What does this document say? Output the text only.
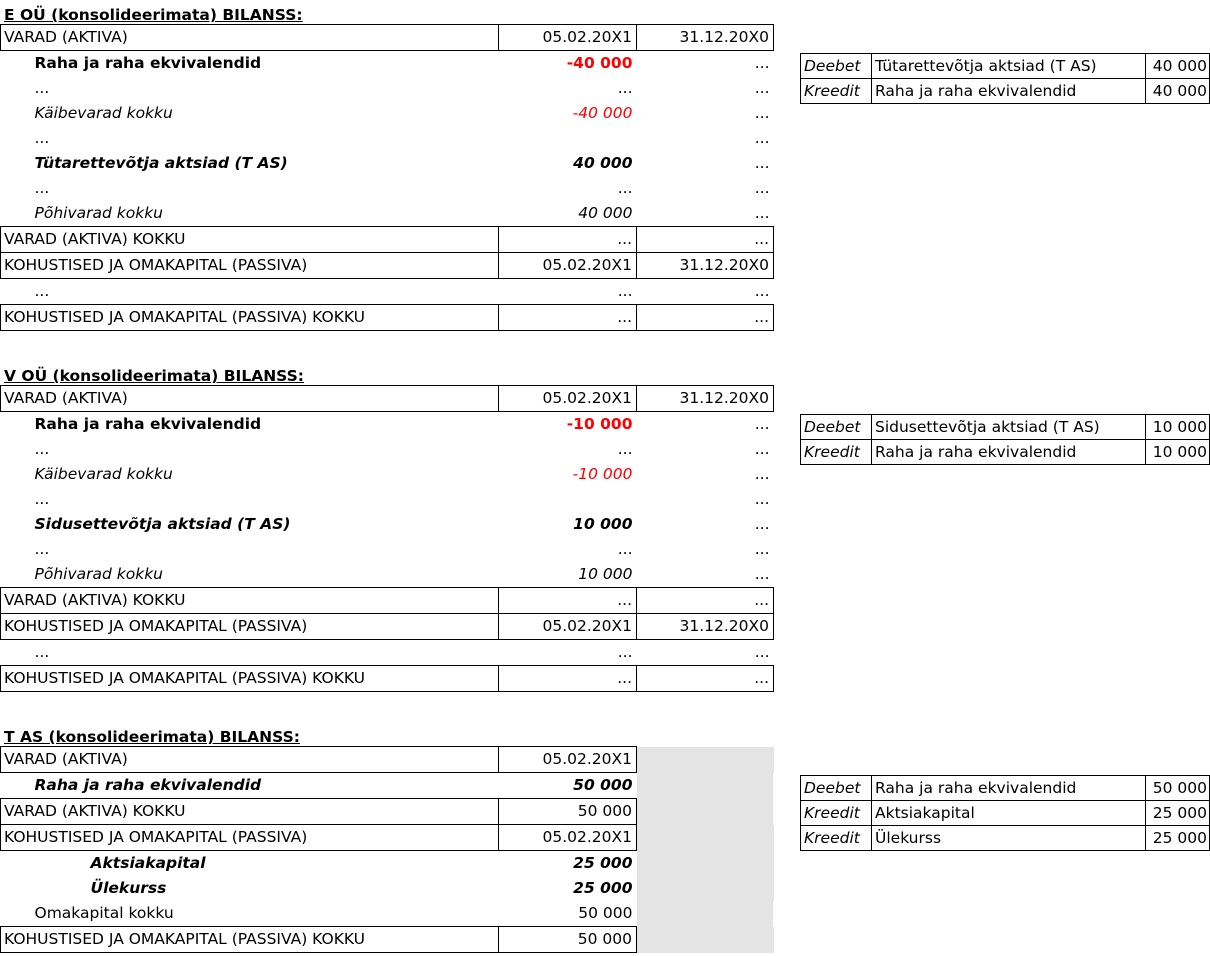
E OÜ (konsolideerimata) BILANSS:
VARAD (AKTIVA)	05.02.20X1	31.12.20X0
Raha ja raha ekvivalendid	-40 000	...
...	...	...
Käibevarad kokku	-40 000	...
...		...
Tütarettevõtja aktsiad (T AS)	40 000	...
...	...	...
Põhivarad kokku	40 000	...
VARAD (AKTIVA) KOKKU	...	...
KOHUSTISED JA OMAKAPITAL (PASSIVA)	05.02.20X1	31.12.20X0
...	...	...
KOHUSTISED JA OMAKAPITAL (PASSIVA) KOKKU	...	...
Deebet	Tütarettevõtja aktsiad (T AS)	40 000
Kreedit	Raha ja raha ekvivalendid	40 000
V OÜ (konsolideerimata) BILANSS:
VARAD (AKTIVA)	05.02.20X1	31.12.20X0
Raha ja raha ekvivalendid	-10 000	...
...	...	...
Käibevarad kokku	-10 000	...
...		...
Sidusettevõtja aktsiad (T AS)	10 000	...
...	...	...
Põhivarad kokku	10 000	...
VARAD (AKTIVA) KOKKU	...	...
KOHUSTISED JA OMAKAPITAL (PASSIVA)	05.02.20X1	31.12.20X0
...	...	...
KOHUSTISED JA OMAKAPITAL (PASSIVA) KOKKU	...	...
Deebet	Sidusettevõtja aktsiad (T AS)	10 000
Kreedit	Raha ja raha ekvivalendid	10 000
T AS (konsolideerimata) BILANSS:
VARAD (AKTIVA)	05.02.20X1	
Raha ja raha ekvivalendid	50 000	
VARAD (AKTIVA) KOKKU	50 000	
KOHUSTISED JA OMAKAPITAL (PASSIVA)	05.02.20X1	
Aktsiakapital	25 000	
Ülekurss	25 000	
Omakapital kokku	50 000	
KOHUSTISED JA OMAKAPITAL (PASSIVA) KOKKU	50 000	
Deebet	Raha ja raha ekvivalendid	50 000
Kreedit	Aktsiakapital	25 000
Kreedit	Ülekurss	25 000
